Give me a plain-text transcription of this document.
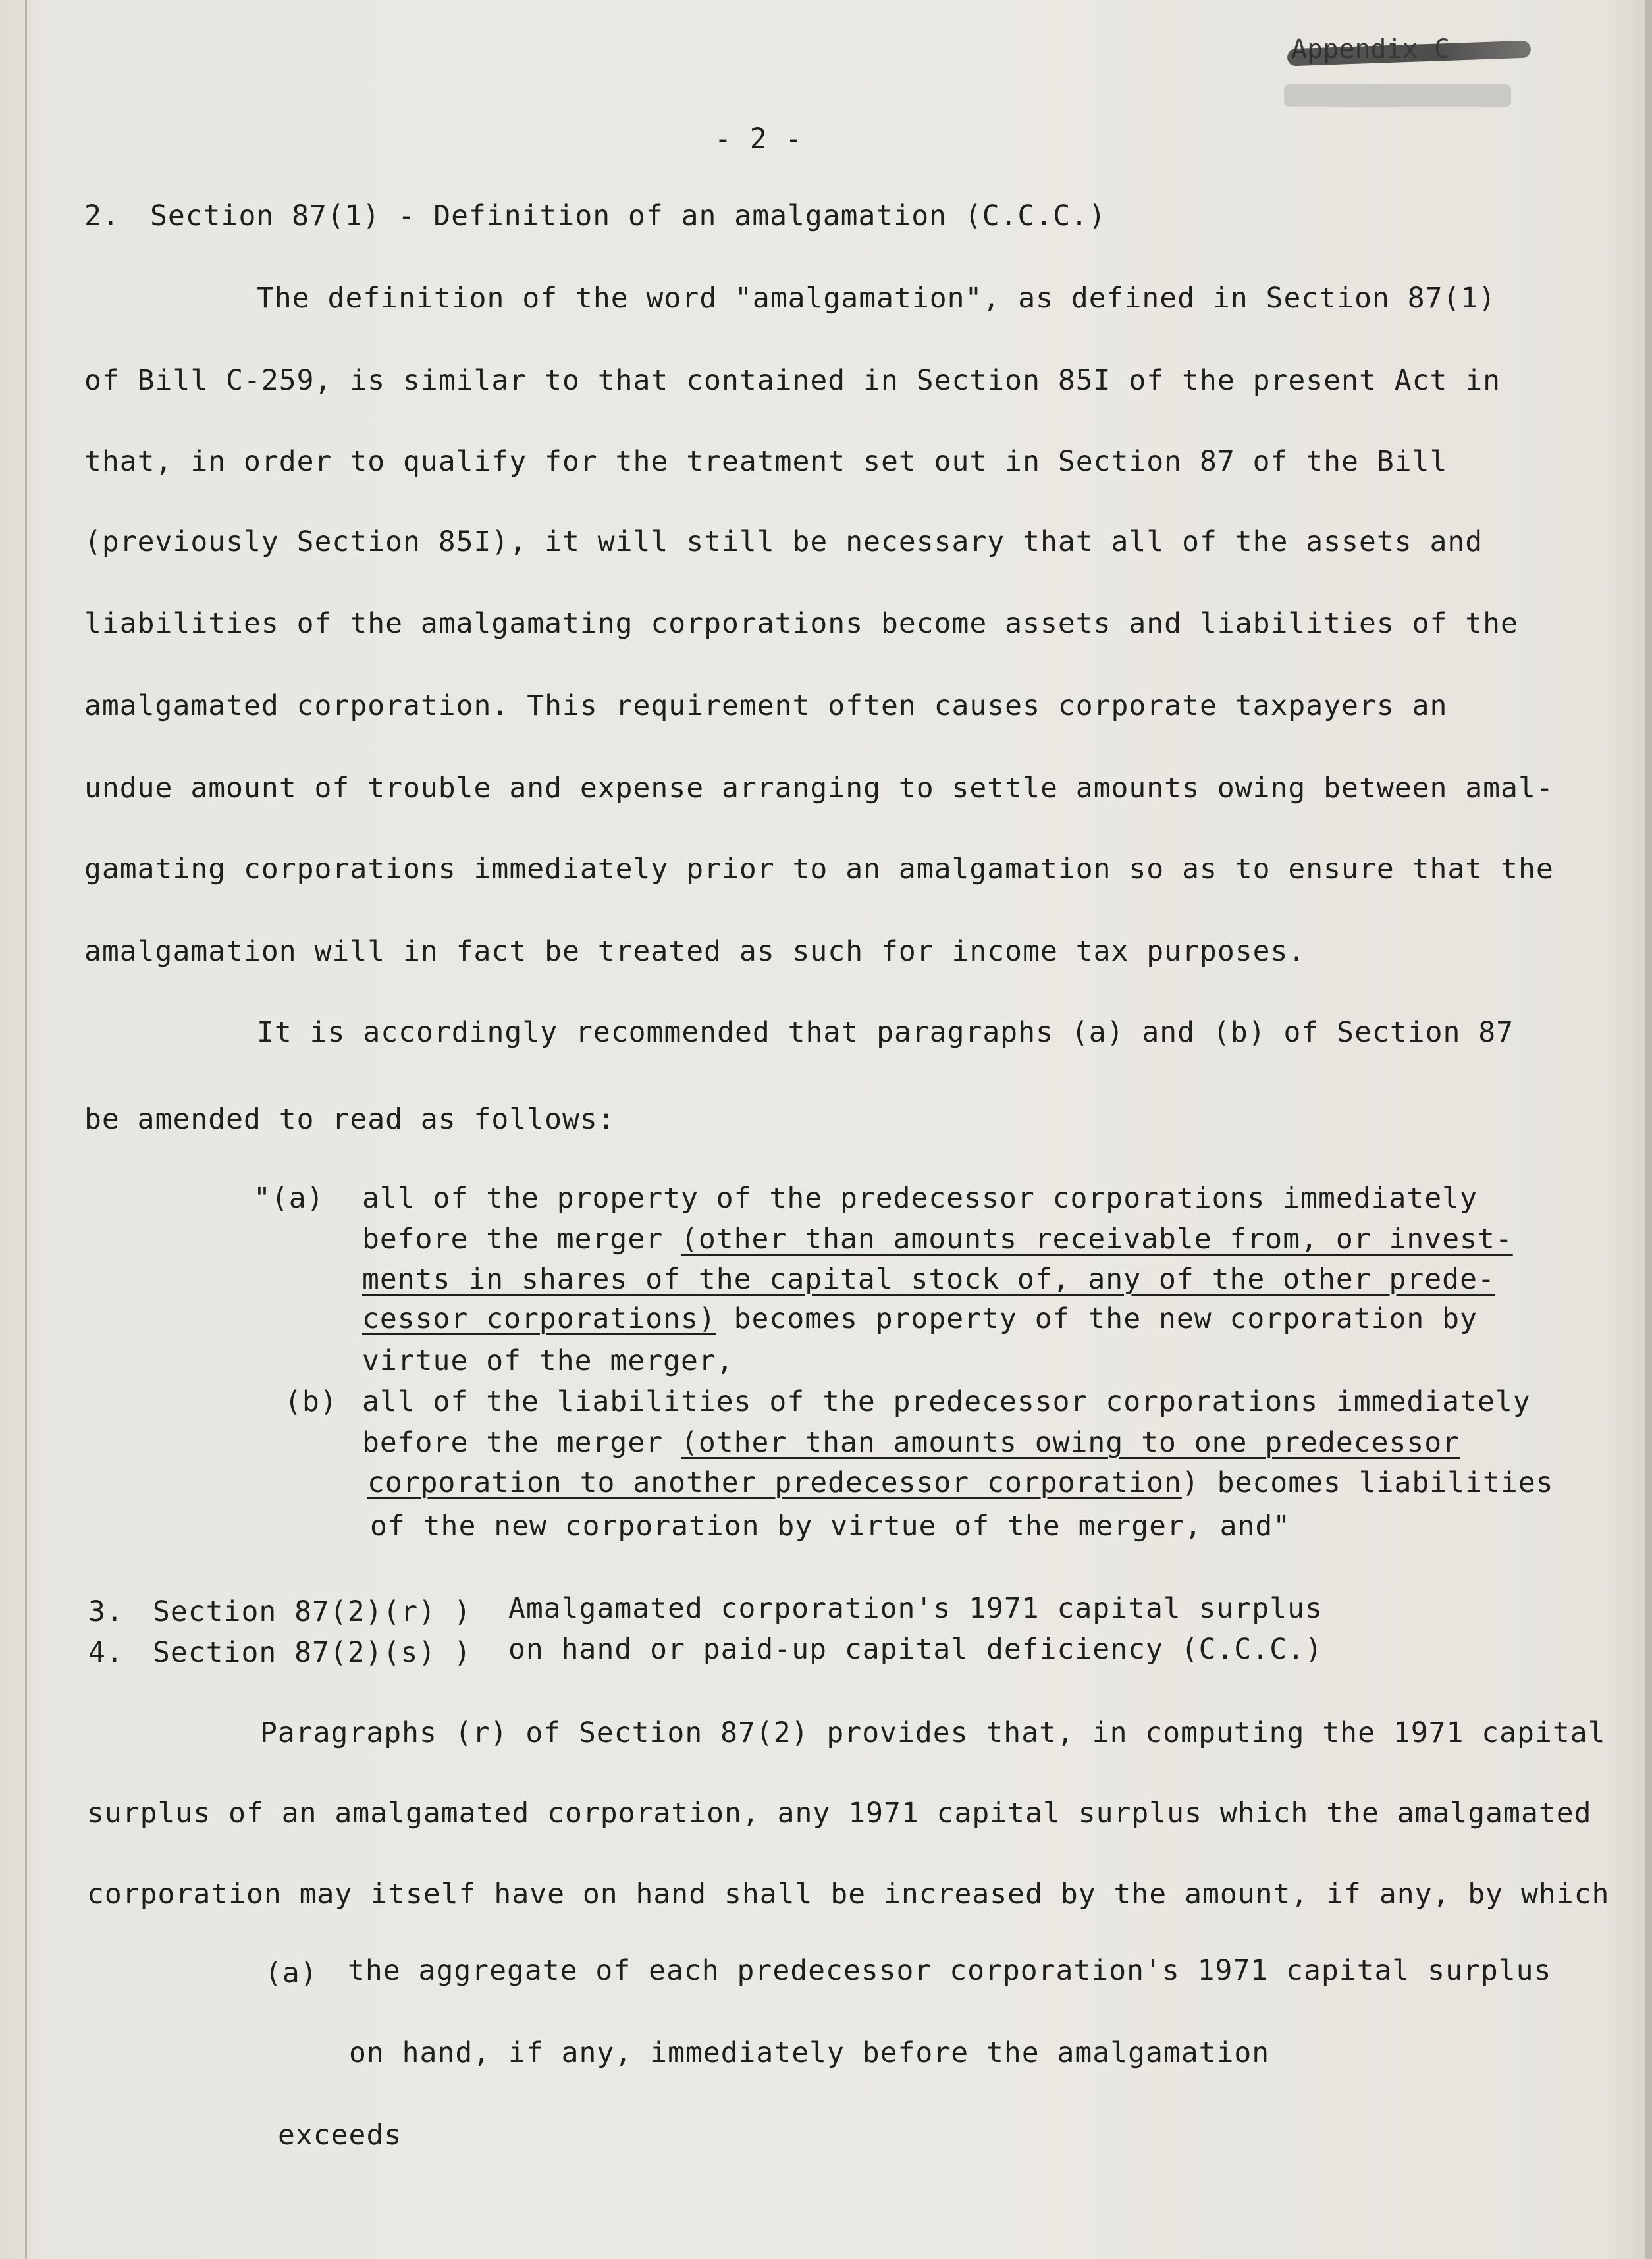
- 2 -
2. Section 87(1) - Definition of an amalgamation (C.C.C.)
The definition of the word "amalgamation", as defined in Section 87(1)
of Bill C-259, is similar to that contained in Section 85I of the present Act in
that, in order to qualify for the treatment set out in Section 87 of the Bill
(previously Section 85I), it will still be necessary that all of the assets and
liabilities of the amalgamating corporations become assets and liabilities of the
amalgamated corporation. This requirement often causes corporate taxpayers an
undue amount of trouble and expense arranging to settle amounts owing between amal-
gamating corporations immediately prior to an amalgamation so as to ensure that the
amalgamation will in fact be treated as such for income tax purposes.
It is accordingly recommended that paragraphs (a) and (b) of Section 87
be amended to read as follows:
"(a) all of the property of the predecessor corporations immediately
before the merger (other than amounts receivable from, or invest-
ments in shares of the capital stock of, any of the other prede-
cessor corporations) becomes property of the new corporation by
virtue of the merger,
(b) all of the liabilities of the predecessor corporations immediately
before the merger (other than amounts owing to one predecessor
corporation to another predecessor corporation) becomes liabilities
of the new corporation by virtue of the merger, and"
3. Section 87(2)(r) ) Amalgamated corporation's 1971 capital surplus
4. Section 87(2)(s) ) on hand or paid-up capital deficiency (C.C.C.)
Paragraphs (r) of Section 87(2) provides that, in computing the 1971 capital
surplus of an amalgamated corporation, any 1971 capital surplus which the amalgamated
corporation may itself have on hand shall be increased by the amount, if any, by which
(a) the aggregate of each predecessor corporation's 1971 capital surplus
on hand, if any, immediately before the amalgamation
exceeds
